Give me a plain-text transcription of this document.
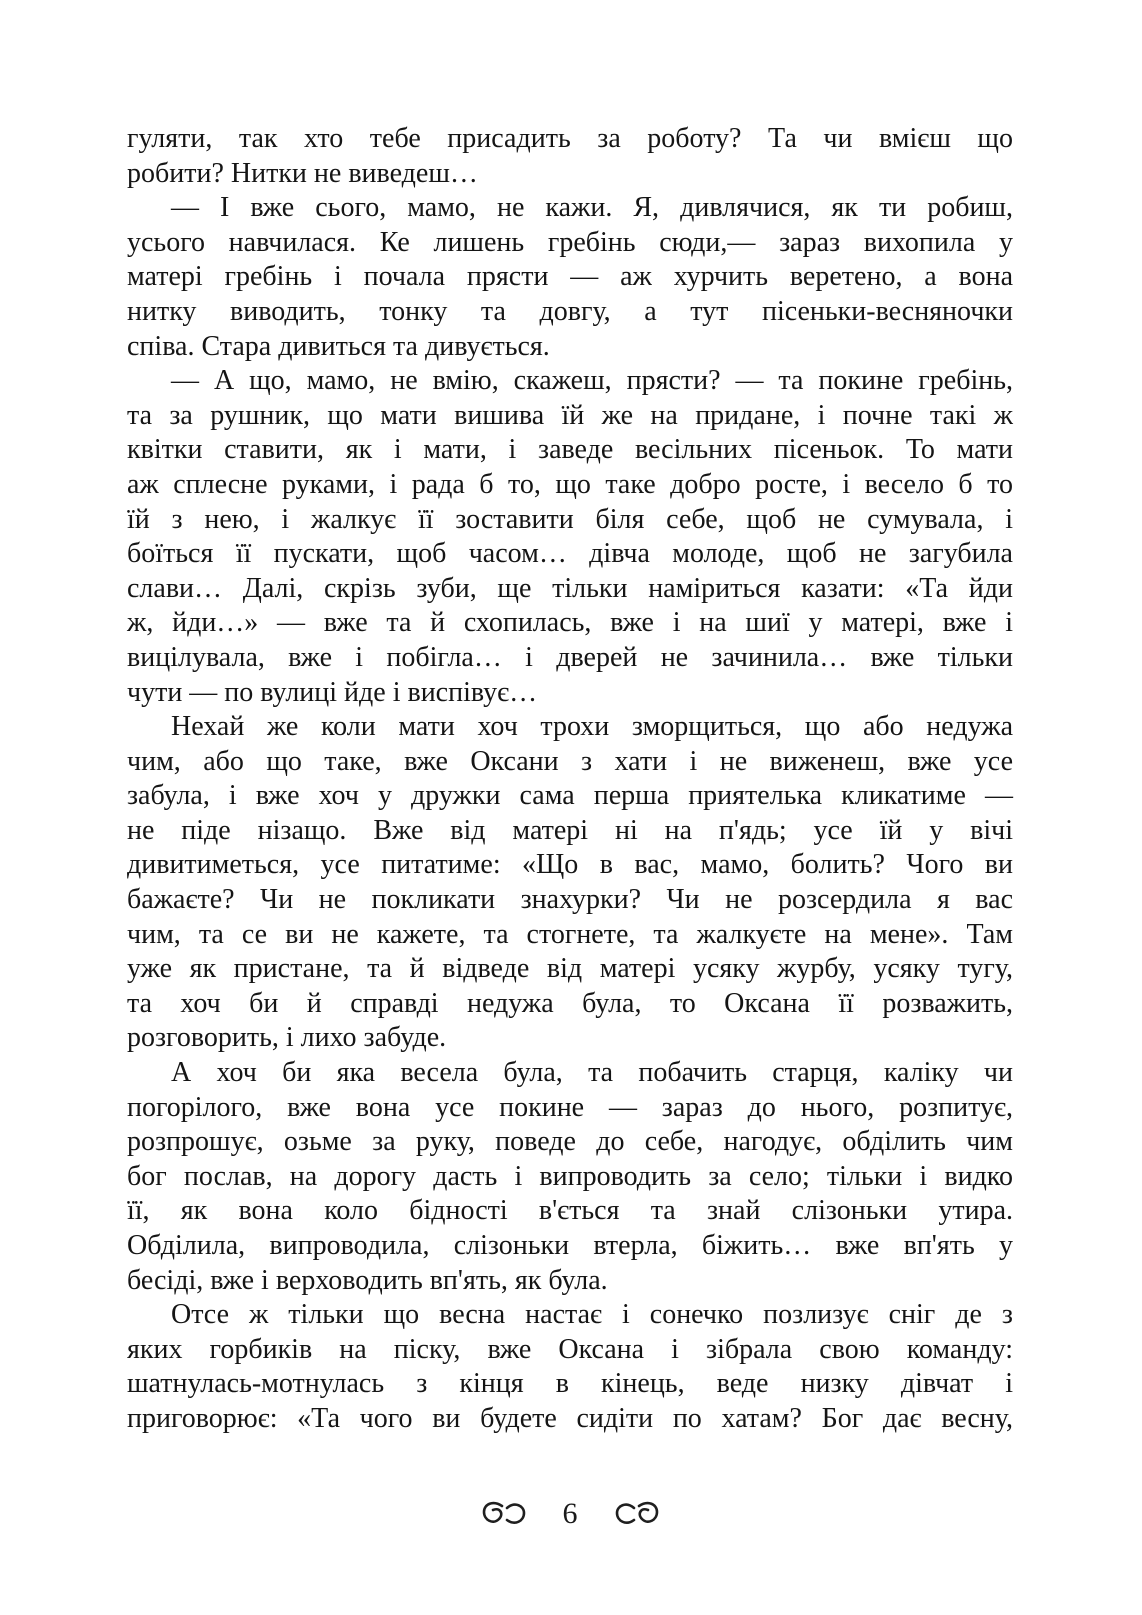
гуляти, так хто тебе присадить за роботу? Та чи вмієш що
робити? Нитки не виведеш…
— І вже сього, мамо, не кажи. Я, дивлячися, як ти робиш,
усього навчилася. Ке лишень гребінь сюди,— зараз вихопила у
матері гребінь і почала прясти — аж хурчить веретено, а вона
нитку виводить, тонку та довгу, а тут пісеньки-весняночки
співа. Стара дивиться та дивується.
— А що, мамо, не вмію, скажеш, прясти? — та покине гребінь,
та за рушник, що мати вишива їй же на придане, і почне такі ж
квітки ставити, як і мати, і заведе весільних пісеньок. То мати
аж сплесне руками, і рада б то, що таке добро росте, і весело б то
їй з нею, і жалкує її зоставити біля себе, щоб не сумувала, і
боїться її пускати, щоб часом… дівча молоде, щоб не загубила
слави… Далі, скрізь зуби, ще тільки наміриться казати: «Та йди
ж, йди…» — вже та й схопилась, вже і на шиї у матері, вже і
вицілувала, вже і побігла… і дверей не зачинила… вже тільки
чути — по вулиці йде і виспівує…
Нехай же коли мати хоч трохи зморщиться, що або недужа
чим, або що таке, вже Оксани з хати і не виженеш, вже усе
забула, і вже хоч у дружки сама перша приятелька кликатиме —
не піде нізащо. Вже від матері ні на п'ядь; усе їй у вічі
дивитиметься, усе питатиме: «Що в вас, мамо, болить? Чого ви
бажаєте? Чи не покликати знахурки? Чи не розсердила я вас
чим, та се ви не кажете, та стогнете, та жалкуєте на мене». Там
уже як пристане, та й відведе від матері усяку журбу, усяку тугу,
та хоч би й справді недужа була, то Оксана її розважить,
розговорить, і лихо забуде.
А хоч би яка весела була, та побачить старця, каліку чи
погорілого, вже вона усе покине — зараз до нього, розпитує,
розпрошує, озьме за руку, поведе до себе, нагодує, обділить чим
бог послав, на дорогу дасть і випроводить за село; тільки і видко
її, як вона коло бідності в'ється та знай слізоньки утира.
Обділила, випроводила, слізоньки втерла, біжить… вже вп'ять у
бесіді, вже і верховодить вп'ять, як була.
Отсе ж тільки що весна настає і сонечко позлизує сніг де з
яких горбиків на піску, вже Оксана і зібрала свою команду:
шатнулась-мотнулась з кінця в кінець, веде низку дівчат і
приговорює: «Та чого ви будете сидіти по хатам? Бог дає весну,
6
